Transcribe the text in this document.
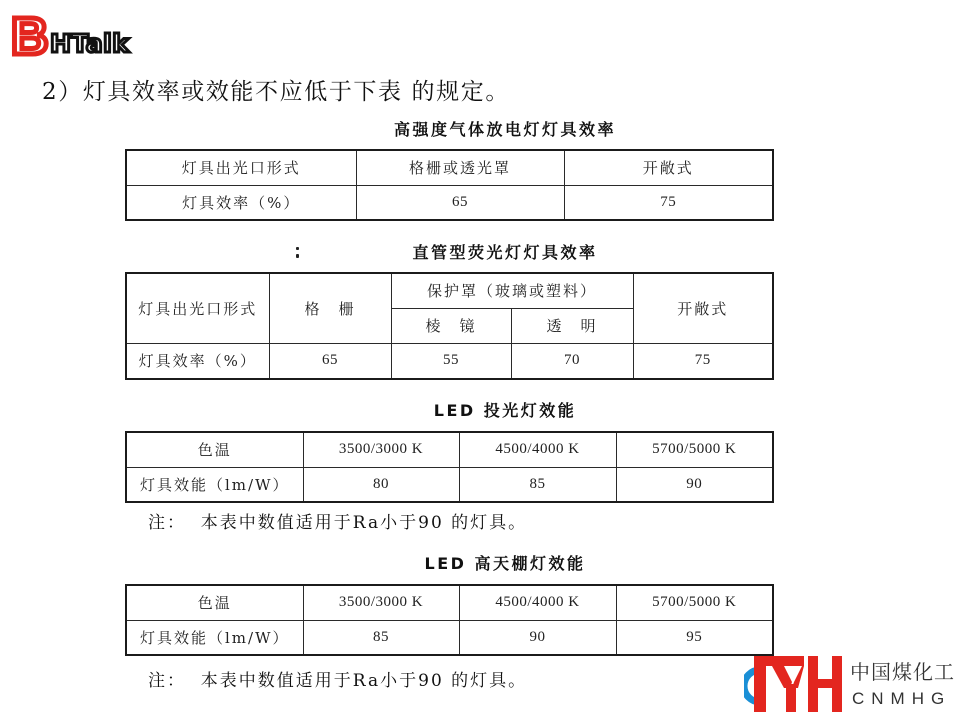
B HTalk
2）灯具效率或效能不应低于下表 的规定。
高强度气体放电灯灯具效率
灯具出光口形式	格栅或透光罩	开敞式
灯具效率（%）	65	75
直管型荧光灯灯具效率
灯具出光口形式	格　栅	保护罩（玻璃或塑料）		开敞式
		棱　镜	透　明	
灯具效率（%）	65	55	70	75
LED 投光灯效能
色温	3500/3000 K	4500/4000 K	5700/5000 K
灯具效能（lm/W）	80	85	90
注：  本表中数值适用于Ra小于90 的灯具。
LED 高天棚灯效能
色温	3500/3000 K	4500/4000 K	5700/5000 K
灯具效能（lm/W）	85	90	95
注：  本表中数值适用于Ra小于90 的灯具。	中国煤化工
CNMHG
